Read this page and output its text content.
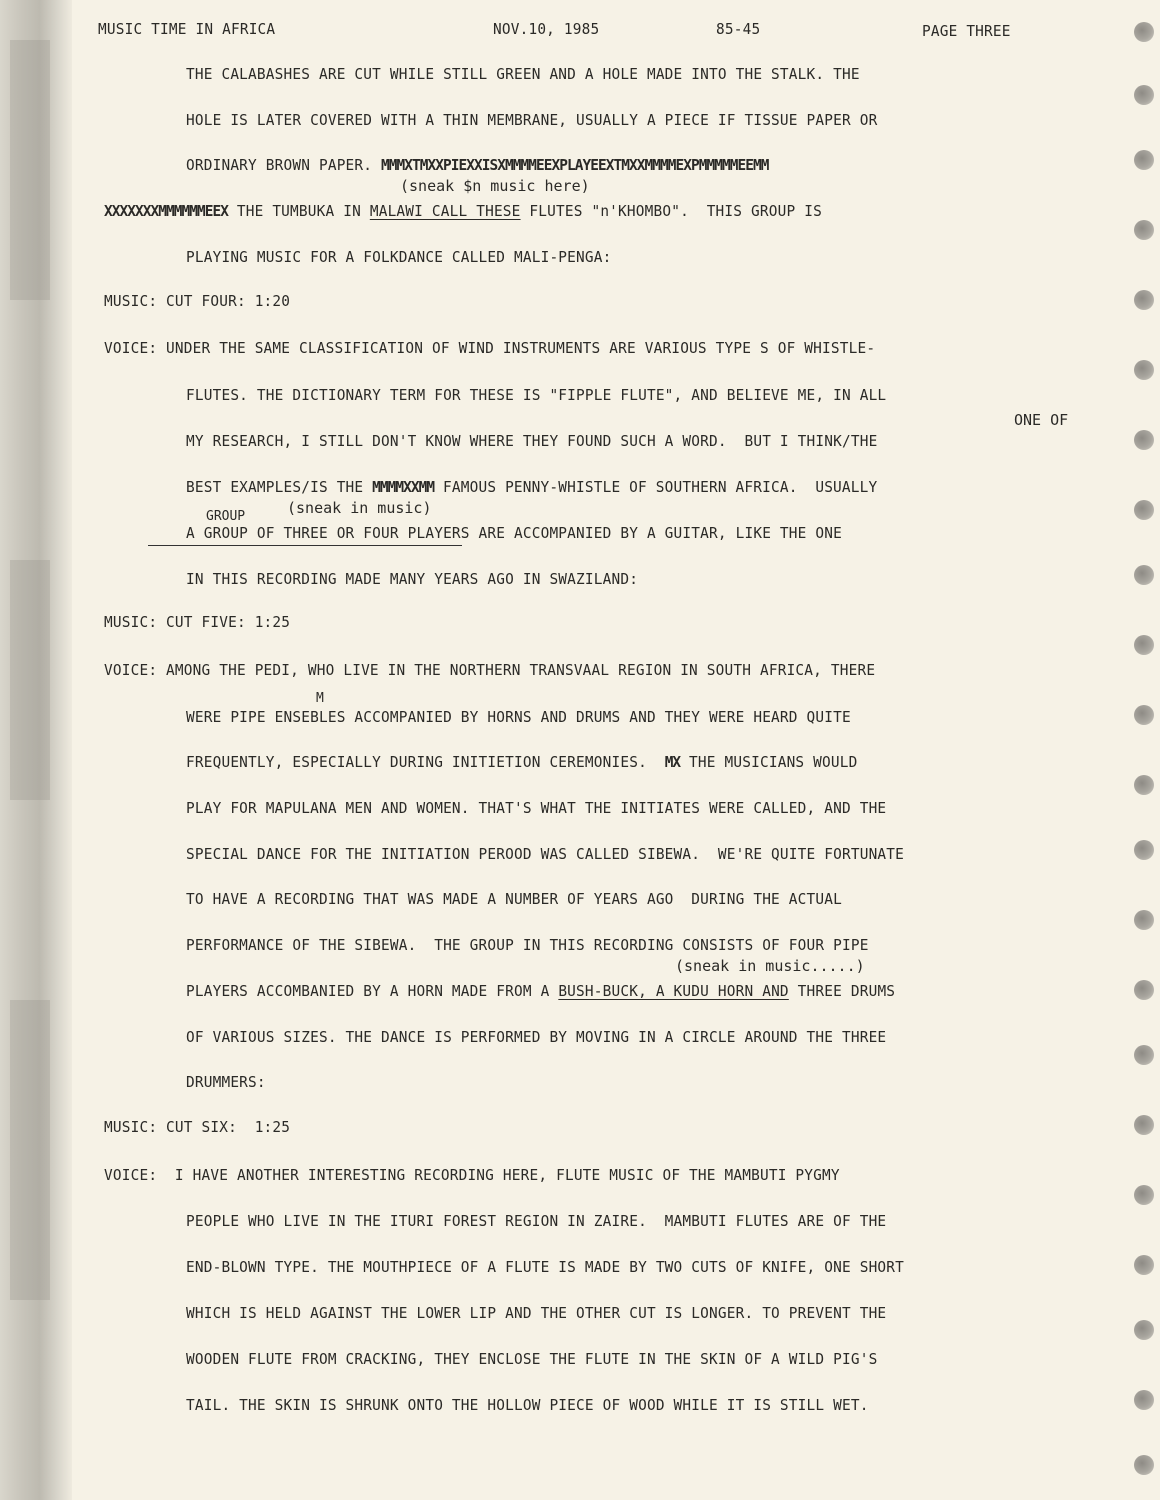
MUSIC TIME IN AFRICA	NOV.10, 1985	85-45	PAGE THREE
THE CALABASHES ARE CUT WHILE STILL GREEN AND A HOLE MADE INTO THE STALK. THE
HOLE IS LATER COVERED WITH A THIN MEMBRANE, USUALLY A PIECE IF TISSUE PAPER OR
ORDINARY BROWN PAPER. MMMXTMXXPIEXXISXMMMMEEXPLAYEEXTMXXMMMMEXPMMMMMEEMM
(sneak $n music here)
XXXXXXXMMMMMMEEX THE TUMBUKA IN MALAWI CALL THESE FLUTES "n'KHOMBO".  THIS GROUP IS
PLAYING MUSIC FOR A FOLKDANCE CALLED MALI-PENGA:
MUSIC: CUT FOUR: 1:20
VOICE: UNDER THE SAME CLASSIFICATION OF WIND INSTRUMENTS ARE VARIOUS TYPE S OF WHISTLE-
FLUTES. THE DICTIONARY TERM FOR THESE IS "FIPPLE FLUTE", AND BELIEVE ME, IN ALL
ONE OF
MY RESEARCH, I STILL DON'T KNOW WHERE THEY FOUND SUCH A WORD.  BUT I THINK/THE
BEST EXAMPLES/IS THE MMMMXXMM FAMOUS PENNY-WHISTLE OF SOUTHERN AFRICA.  USUALLY
(sneak in music)
GROUP
A GROUP OF THREE OR FOUR PLAYERS ARE ACCOMPANIED BY A GUITAR, LIKE THE ONE
IN THIS RECORDING MADE MANY YEARS AGO IN SWAZILAND:
MUSIC: CUT FIVE: 1:25
VOICE: AMONG THE PEDI, WHO LIVE IN THE NORTHERN TRANSVAAL REGION IN SOUTH AFRICA, THERE
M
WERE PIPE ENSEBLES ACCOMPANIED BY HORNS AND DRUMS AND THEY WERE HEARD QUITE
FREQUENTLY, ESPECIALLY DURING INITIETION CEREMONIES.  MX THE MUSICIANS WOULD
PLAY FOR MAPULANA MEN AND WOMEN. THAT'S WHAT THE INITIATES WERE CALLED, AND THE
SPECIAL DANCE FOR THE INITIATION PEROOD WAS CALLED SIBEWA.  WE'RE QUITE FORTUNATE
TO HAVE A RECORDING THAT WAS MADE A NUMBER OF YEARS AGO  DURING THE ACTUAL
PERFORMANCE OF THE SIBEWA.  THE GROUP IN THIS RECORDING CONSISTS OF FOUR PIPE
(sneak in music.....)
PLAYERS ACCOMBANIED BY A HORN MADE FROM A BUSH-BUCK, A KUDU HORN AND THREE DRUMS
OF VARIOUS SIZES. THE DANCE IS PERFORMED BY MOVING IN A CIRCLE AROUND THE THREE
DRUMMERS:
MUSIC: CUT SIX:  1:25
VOICE:  I HAVE ANOTHER INTERESTING RECORDING HERE, FLUTE MUSIC OF THE MAMBUTI PYGMY
PEOPLE WHO LIVE IN THE ITURI FOREST REGION IN ZAIRE.  MAMBUTI FLUTES ARE OF THE
END-BLOWN TYPE. THE MOUTHPIECE OF A FLUTE IS MADE BY TWO CUTS OF KNIFE, ONE SHORT
WHICH IS HELD AGAINST THE LOWER LIP AND THE OTHER CUT IS LONGER. TO PREVENT THE
WOODEN FLUTE FROM CRACKING, THEY ENCLOSE THE FLUTE IN THE SKIN OF A WILD PIG'S
TAIL. THE SKIN IS SHRUNK ONTO THE HOLLOW PIECE OF WOOD WHILE IT IS STILL WET.
